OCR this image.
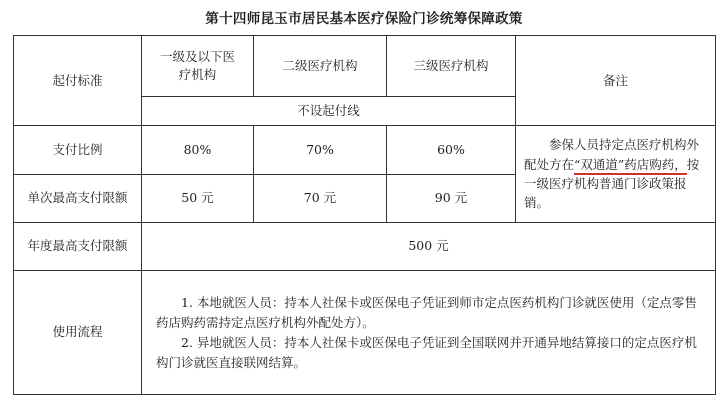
第十四师昆玉市居民基本医疗保险门诊统筹保障政策
起付标准	一级及以下医疗机构	二级医疗机构	三级医疗机构	备注
	不设起付线			
支付比例	80%	70%	60%	参保人员持定点医疗机构外配处方在“双通道”药店购药，按一级医疗机构普通门诊政策报销。

单次最高支付限额	50 元	70 元	90 元	
年度最高支付限额	500 元			
使用流程	1. 本地就医人员：持本人社保卡或医保电子凭证到师市定点医药机构门诊就医使用（定点零售药店购药需持定点医疗机构外配处方）。

2. 异地就医人员：持本人社保卡或医保电子凭证到全国联网并开通异地结算接口的定点医疗机构门诊就医直接联网结算。			
